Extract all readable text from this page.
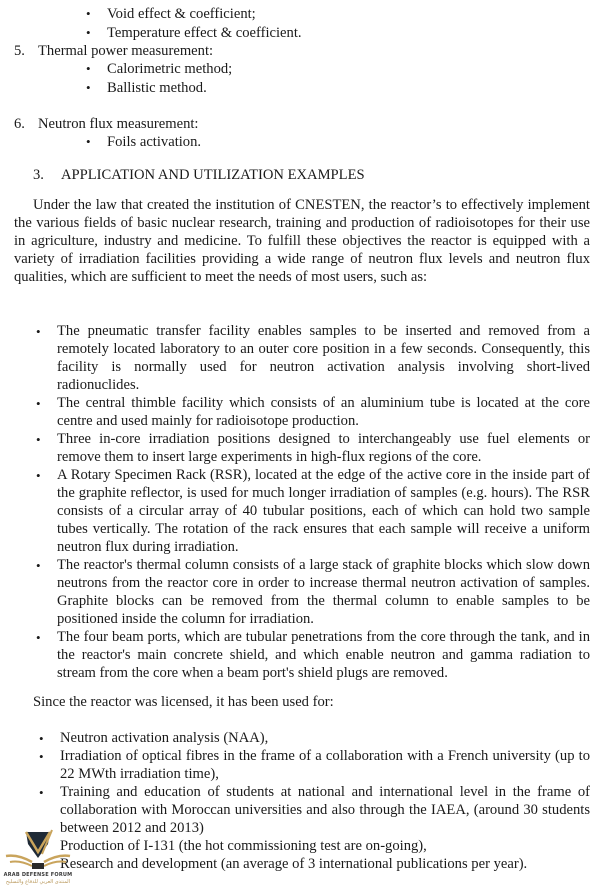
• Void effect & coefficient;
• Temperature effect & coefficient.
5. Thermal power measurement:
• Calorimetric method;
• Ballistic method.
6. Neutron flux measurement:
• Foils activation.
3. APPLICATION AND UTILIZATION EXAMPLES
Under the law that created the institution of CNESTEN, the reactor’s to effectively implement the various fields of basic nuclear research, training and production of radioisotopes for their use in agriculture, industry and medicine. To fulfill these objectives the reactor is equipped with a variety of irradiation facilities providing a wide range of neutron flux levels and neutron flux qualities, which are sufficient to meet the needs of most users, such as:
• The pneumatic transfer facility enables samples to be inserted and removed from a remotely located laboratory to an outer core position in a few seconds. Consequently, this facility is normally used for neutron activation analysis involving short-lived radionuclides.
• The central thimble facility which consists of an aluminium tube is located at the core centre and used mainly for radioisotope production.
• Three in-core irradiation positions designed to interchangeably use fuel elements or remove them to insert large experiments in high-flux regions of the core.
• A Rotary Specimen Rack (RSR), located at the edge of the active core in the inside part of the graphite reflector, is used for much longer irradiation of samples (e.g. hours). The RSR consists of a circular array of 40 tubular positions, each of which can hold two sample tubes vertically. The rotation of the rack ensures that each sample will receive a uniform neutron flux during irradiation.
• The reactor's thermal column consists of a large stack of graphite blocks which slow down neutrons from the reactor core in order to increase thermal neutron activation of samples. Graphite blocks can be removed from the thermal column to enable samples to be positioned inside the column for irradiation.
• The four beam ports, which are tubular penetrations from the core through the tank, and in the reactor's main concrete shield, and which enable neutron and gamma radiation to stream from the core when a beam port's shield plugs are removed.
Since the reactor was licensed, it has been used for:
• Neutron activation analysis (NAA),
• Irradiation of optical fibres in the frame of a collaboration with a French university (up to 22 MWth irradiation time),
• Training and education of students at national and international level in the frame of collaboration with Moroccan universities and also through the IAEA, (around 30 students between 2012 and 2013)
Production of I-131 (the hot commissioning test are on-going),
Research and development (an average of 3 international publications per year).
ARAB DEFENSE FORUM
المنتدى العربي للدفاع والتسليح
